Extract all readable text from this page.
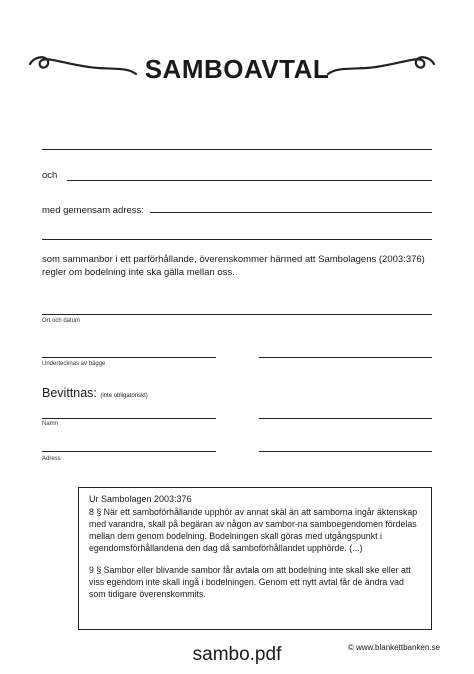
SAMBOAVTAL
och
med gemensam adress:
som sammanbor i ett parförhållande, överenskommer härmed att Sambolagens (2003:376) regler om bodelning inte ska gälla mellan oss.
Ort och datum
Undertecknas av bägge
Bevittnas: (inte obligatoriskt)
Namn
Adress
Ur Sambolagen 2003:376

8 § När ett samboförhållande upphör av annat skäl än att samborna ingår äktenskap med varandra, skall på begäran av någon av sambor-na samboegendomen fördelas mellan dem genom bodelning. Bodelningen skall göras med utgångspunkt i egendomsförhållandena den dag då samboförhållandet upphörde. (...)

9 § Sambor eller blivande sambor får avtala om att bodelning inte skall ske eller att viss egendom inte skall ingå i bodelningen. Genom ett nytt avtal får de ändra vad som tidigare överenskommits.

sambo.pdf	© www.blankettbanken.se
